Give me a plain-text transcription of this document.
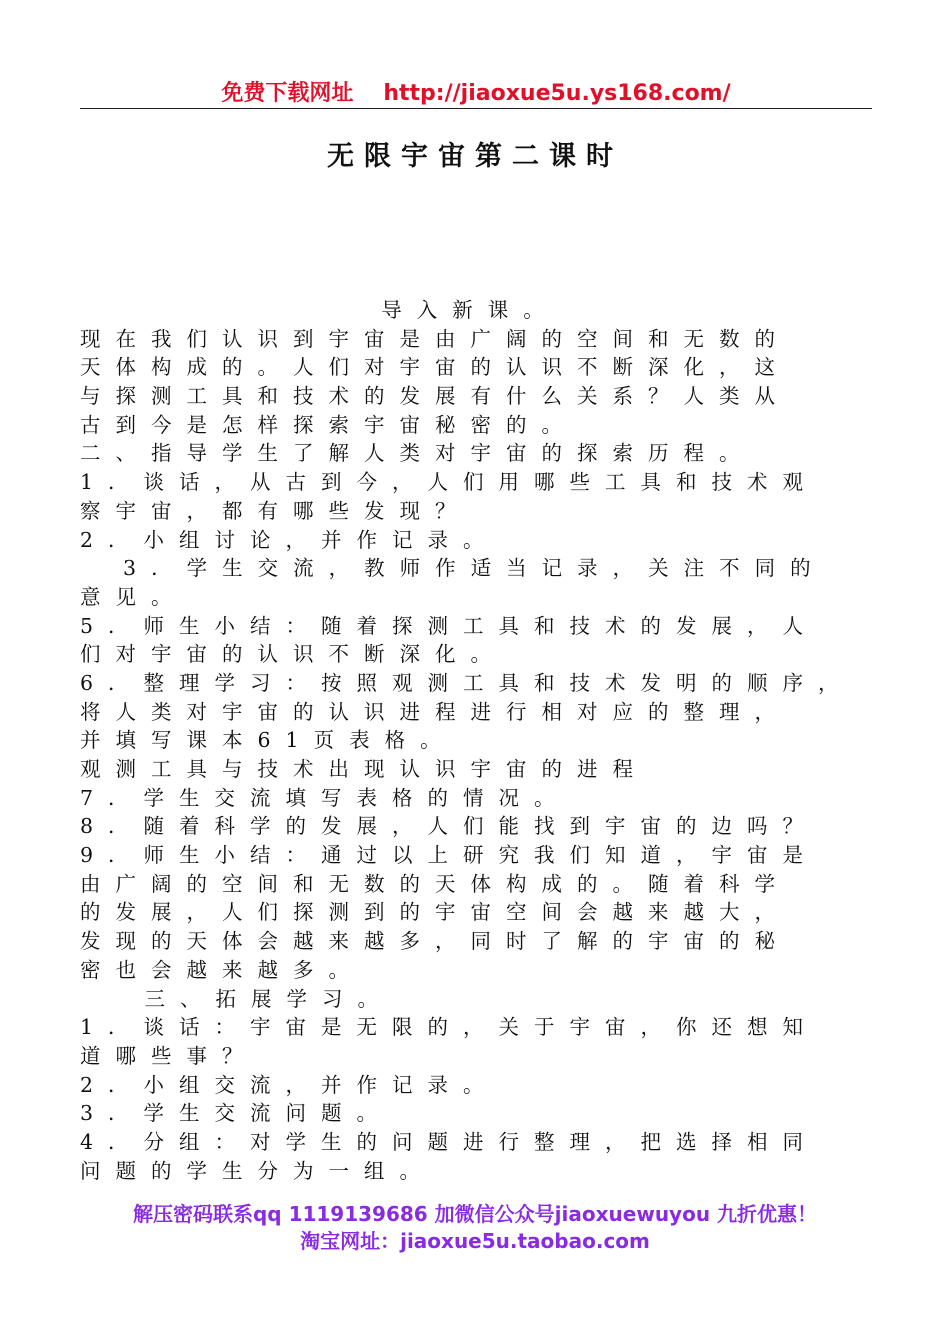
免费下载网址 http://jiaoxue5u.ys168.com/
无限宇宙第二课时
导入新课。
现在我们认识到宇宙是由广阔的空间和无数的
天体构成的。人们对宇宙的认识不断深化，这
与探测工具和技术的发展有什么关系？人类从
古到今是怎样探索宇宙秘密的。
二、指导学生了解人类对宇宙的探索历程。
1．谈话，从古到今，人们用哪些工具和技术观
察宇宙，都有哪些发现？
2．小组讨论，并作记录。
3．学生交流，教师作适当记录，关注不同的
意见。
5．师生小结：随着探测工具和技术的发展，人
们对宇宙的认识不断深化。
6．整理学习：按照观测工具和技术发明的顺序，
将人类对宇宙的认识进程进行相对应的整理，
并填写课本61页表格。
观测工具与技术出现认识宇宙的进程
7．学生交流填写表格的情况。
8．随着科学的发展，人们能找到宇宙的边吗？
9．师生小结：通过以上研究我们知道，宇宙是
由广阔的空间和无数的天体构成的。随着科学
的发展，人们探测到的宇宙空间会越来越大，
发现的天体会越来越多，同时了解的宇宙的秘
密也会越来越多。
三、拓展学习。
1．谈话：宇宙是无限的，关于宇宙，你还想知
道哪些事？
2．小组交流，并作记录。
3．学生交流问题。
4．分组：对学生的问题进行整理，把选择相同
问题的学生分为一组。
解压密码联系qq 1119139686 加微信公众号jiaoxuewuyou 九折优惠！
淘宝网址：jiaoxue5u.taobao.com
